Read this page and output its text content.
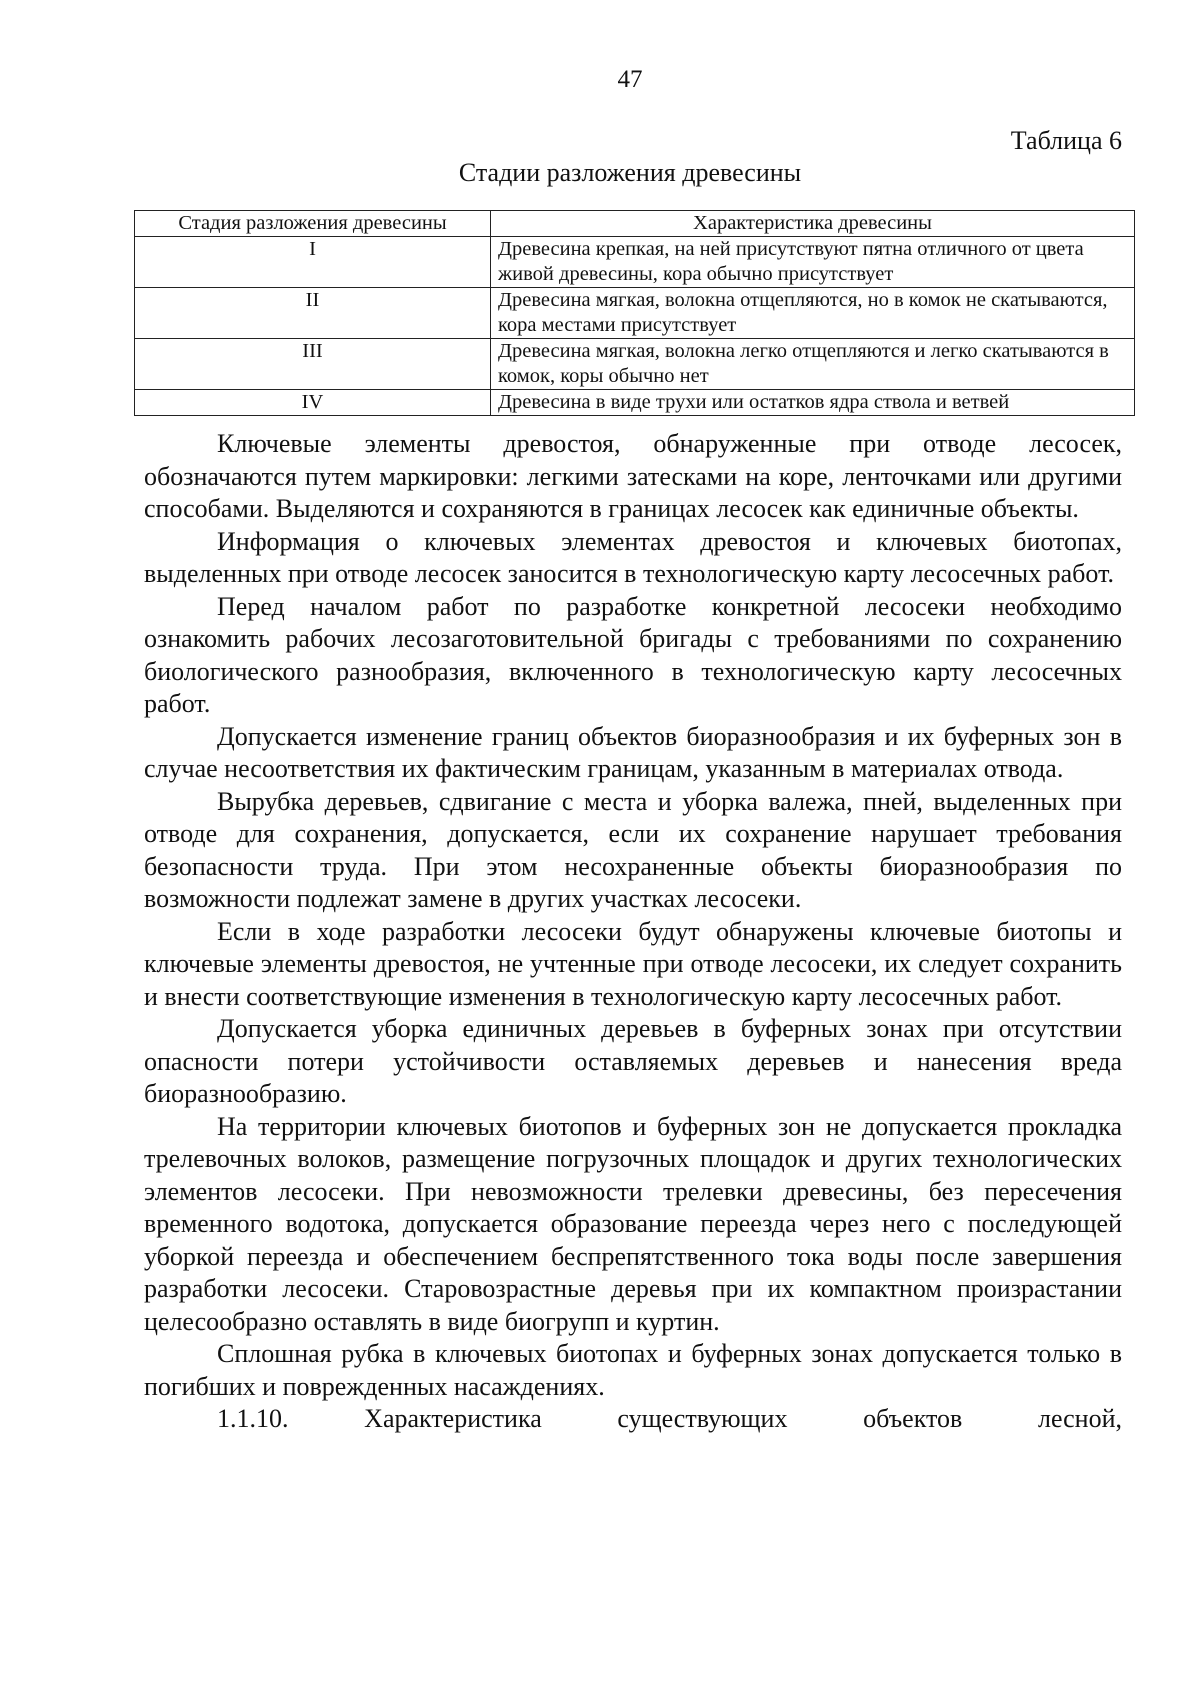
47
Таблица 6
Стадии разложения древесины
Стадия разложения древесины	Характеристика древесины
I	Древесина крепкая, на ней присутствуют пятна отличного от цвета живой древесины, кора обычно присутствует
II	Древесина мягкая, волокна отщепляются, но в комок не скатываются, кора местами присутствует
III	Древесина мягкая, волокна легко отщепляются и легко скатываются в комок, коры обычно нет
IV	Древесина в виде трухи или остатков ядра ствола и ветвей

Ключевые элементы древостоя, обнаруженные при отводе лесосек, обозначаются путем маркировки: легкими затесками на коре, ленточками или другими способами. Выделяются и сохраняются в границах лесосек как единичные объекты.

Информация о ключевых элементах древостоя и ключевых биотопах, выделенных при отводе лесосек заносится в технологическую карту лесосечных работ.

Перед началом работ по разработке конкретной лесосеки необходимо ознакомить рабочих лесозаготовительной бригады с требованиями по сохранению биологического разнообразия, включенного в технологическую карту лесосечных работ.

Допускается изменение границ объектов биоразнообразия и их буферных зон в случае несоответствия их фактическим границам, указанным в материалах отвода.

Вырубка деревьев, сдвигание с места и уборка валежа, пней, выделенных при отводе для сохранения, допускается, если их сохранение нарушает требования безопасности труда. При этом несохраненные объекты биоразнообразия по возможности подлежат замене в других участках лесосеки.

Если в ходе разработки лесосеки будут обнаружены ключевые биотопы и ключевые элементы древостоя, не учтенные при отводе лесосеки, их следует сохранить и внести соответствующие изменения в технологическую карту лесосечных работ.

Допускается уборка единичных деревьев в буферных зонах при отсутствии опасности потери устойчивости оставляемых деревьев и нанесения вреда биоразнообразию.

На территории ключевых биотопов и буферных зон не допускается прокладка трелевочных волоков, размещение погрузочных площадок и других технологических элементов лесосеки. При невозможности трелевки древесины, без пересечения временного водотока, допускается образование переезда через него с последующей уборкой переезда и обеспечением беспрепятственного тока воды после завершения разработки лесосеки. Старовозрастные деревья при их компактном произрастании целесообразно оставлять в виде биогрупп и куртин.

Сплошная рубка в ключевых биотопах и буферных зонах допускается только в погибших и поврежденных насаждениях.

1.1.10.	Характеристика	существующих	объектов	лесной,
